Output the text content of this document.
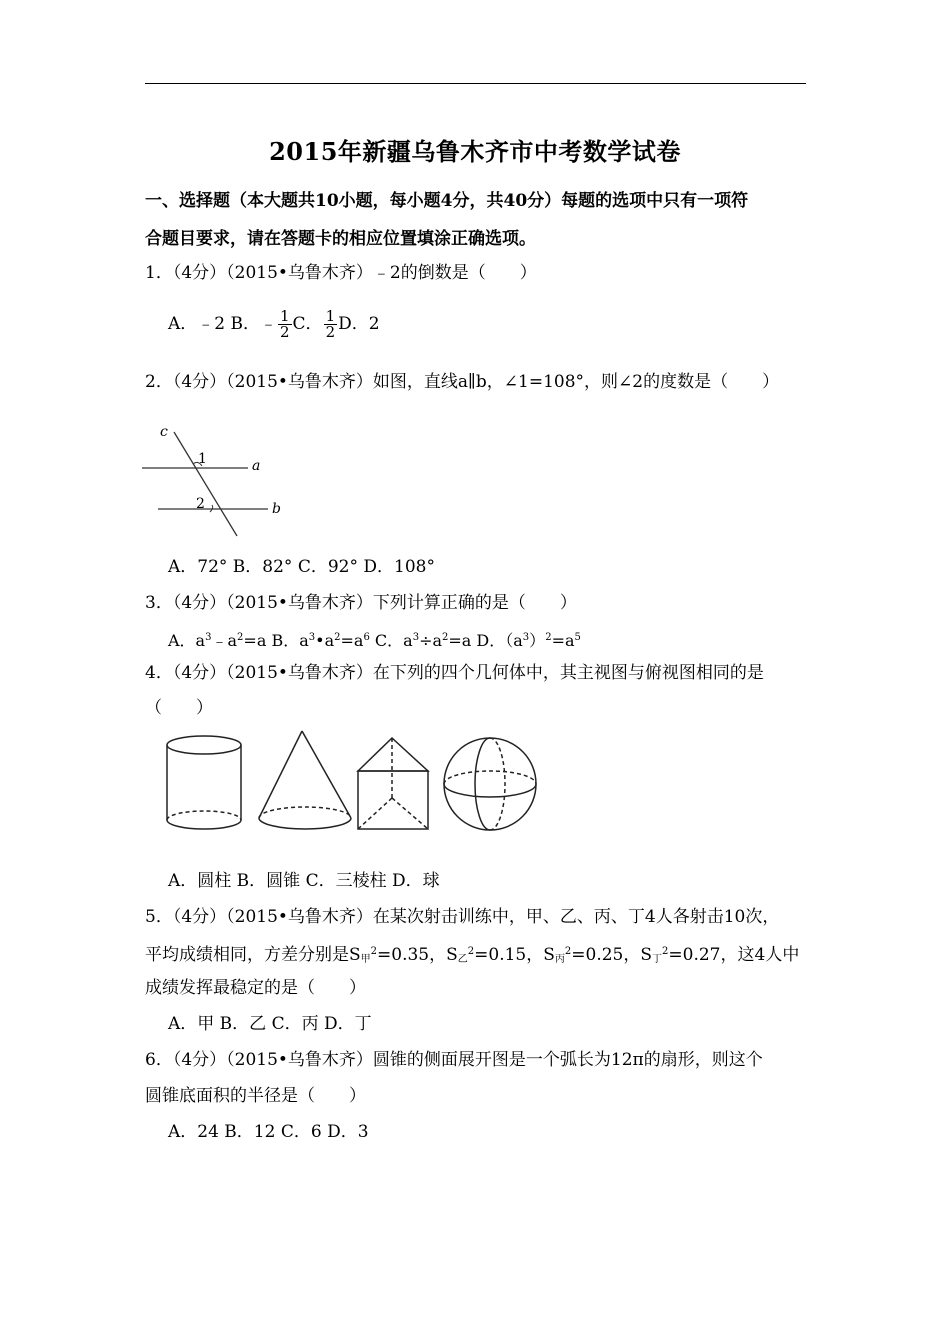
2015年新疆乌鲁木齐市中考数学试卷
一、选择题（本大题共10小题，每小题4分，共40分）每题的选项中只有一项符
合题目要求，请在答题卡的相应位置填涂正确选项。
1．（4分）（2015•乌鲁木齐）﹣2的倒数是（　　）
A．﹣2 B．﹣ $\frac{1}{2}$ C． $\frac{1}{2}$ D．2
2．（4分）（2015•乌鲁木齐）如图，直线a∥b，∠1=108°，则∠2的度数是（　　）
c
1	a
2	b
A．72° B．82° C．92° D．108°
3．（4分）（2015•乌鲁木齐）下列计算正确的是（　　）
A．$a^3﹣a^2=a$ B．$a^3•a^2=a^6$ C．$a^3\div a^2=a$ D．$(a^3)^2=a^5$
4．（4分）（2015•乌鲁木齐）在下列的四个几何体中，其主视图与俯视图相同的是
（　　）
A．圆柱 B．圆锥 C．三棱柱 D．球
5．（4分）（2015•乌鲁木齐）在某次射击训练中，甲、乙、丙、丁4人各射击10次，
平均成绩相同，方差分别是$S_甲^2=0.35$，$S_乙^2=0.15$，$S_丙^2=0.25$，$S_丁^2=0.27$，这4人中
成绩发挥最稳定的是（　　）
A．甲 B．乙 C．丙 D．丁
6．（4分）（2015•乌鲁木齐）圆锥的侧面展开图是一个弧长为12π的扇形，则这个
圆锥底面积的半径是（　　）
A．24 B．12 C．6 D．3
